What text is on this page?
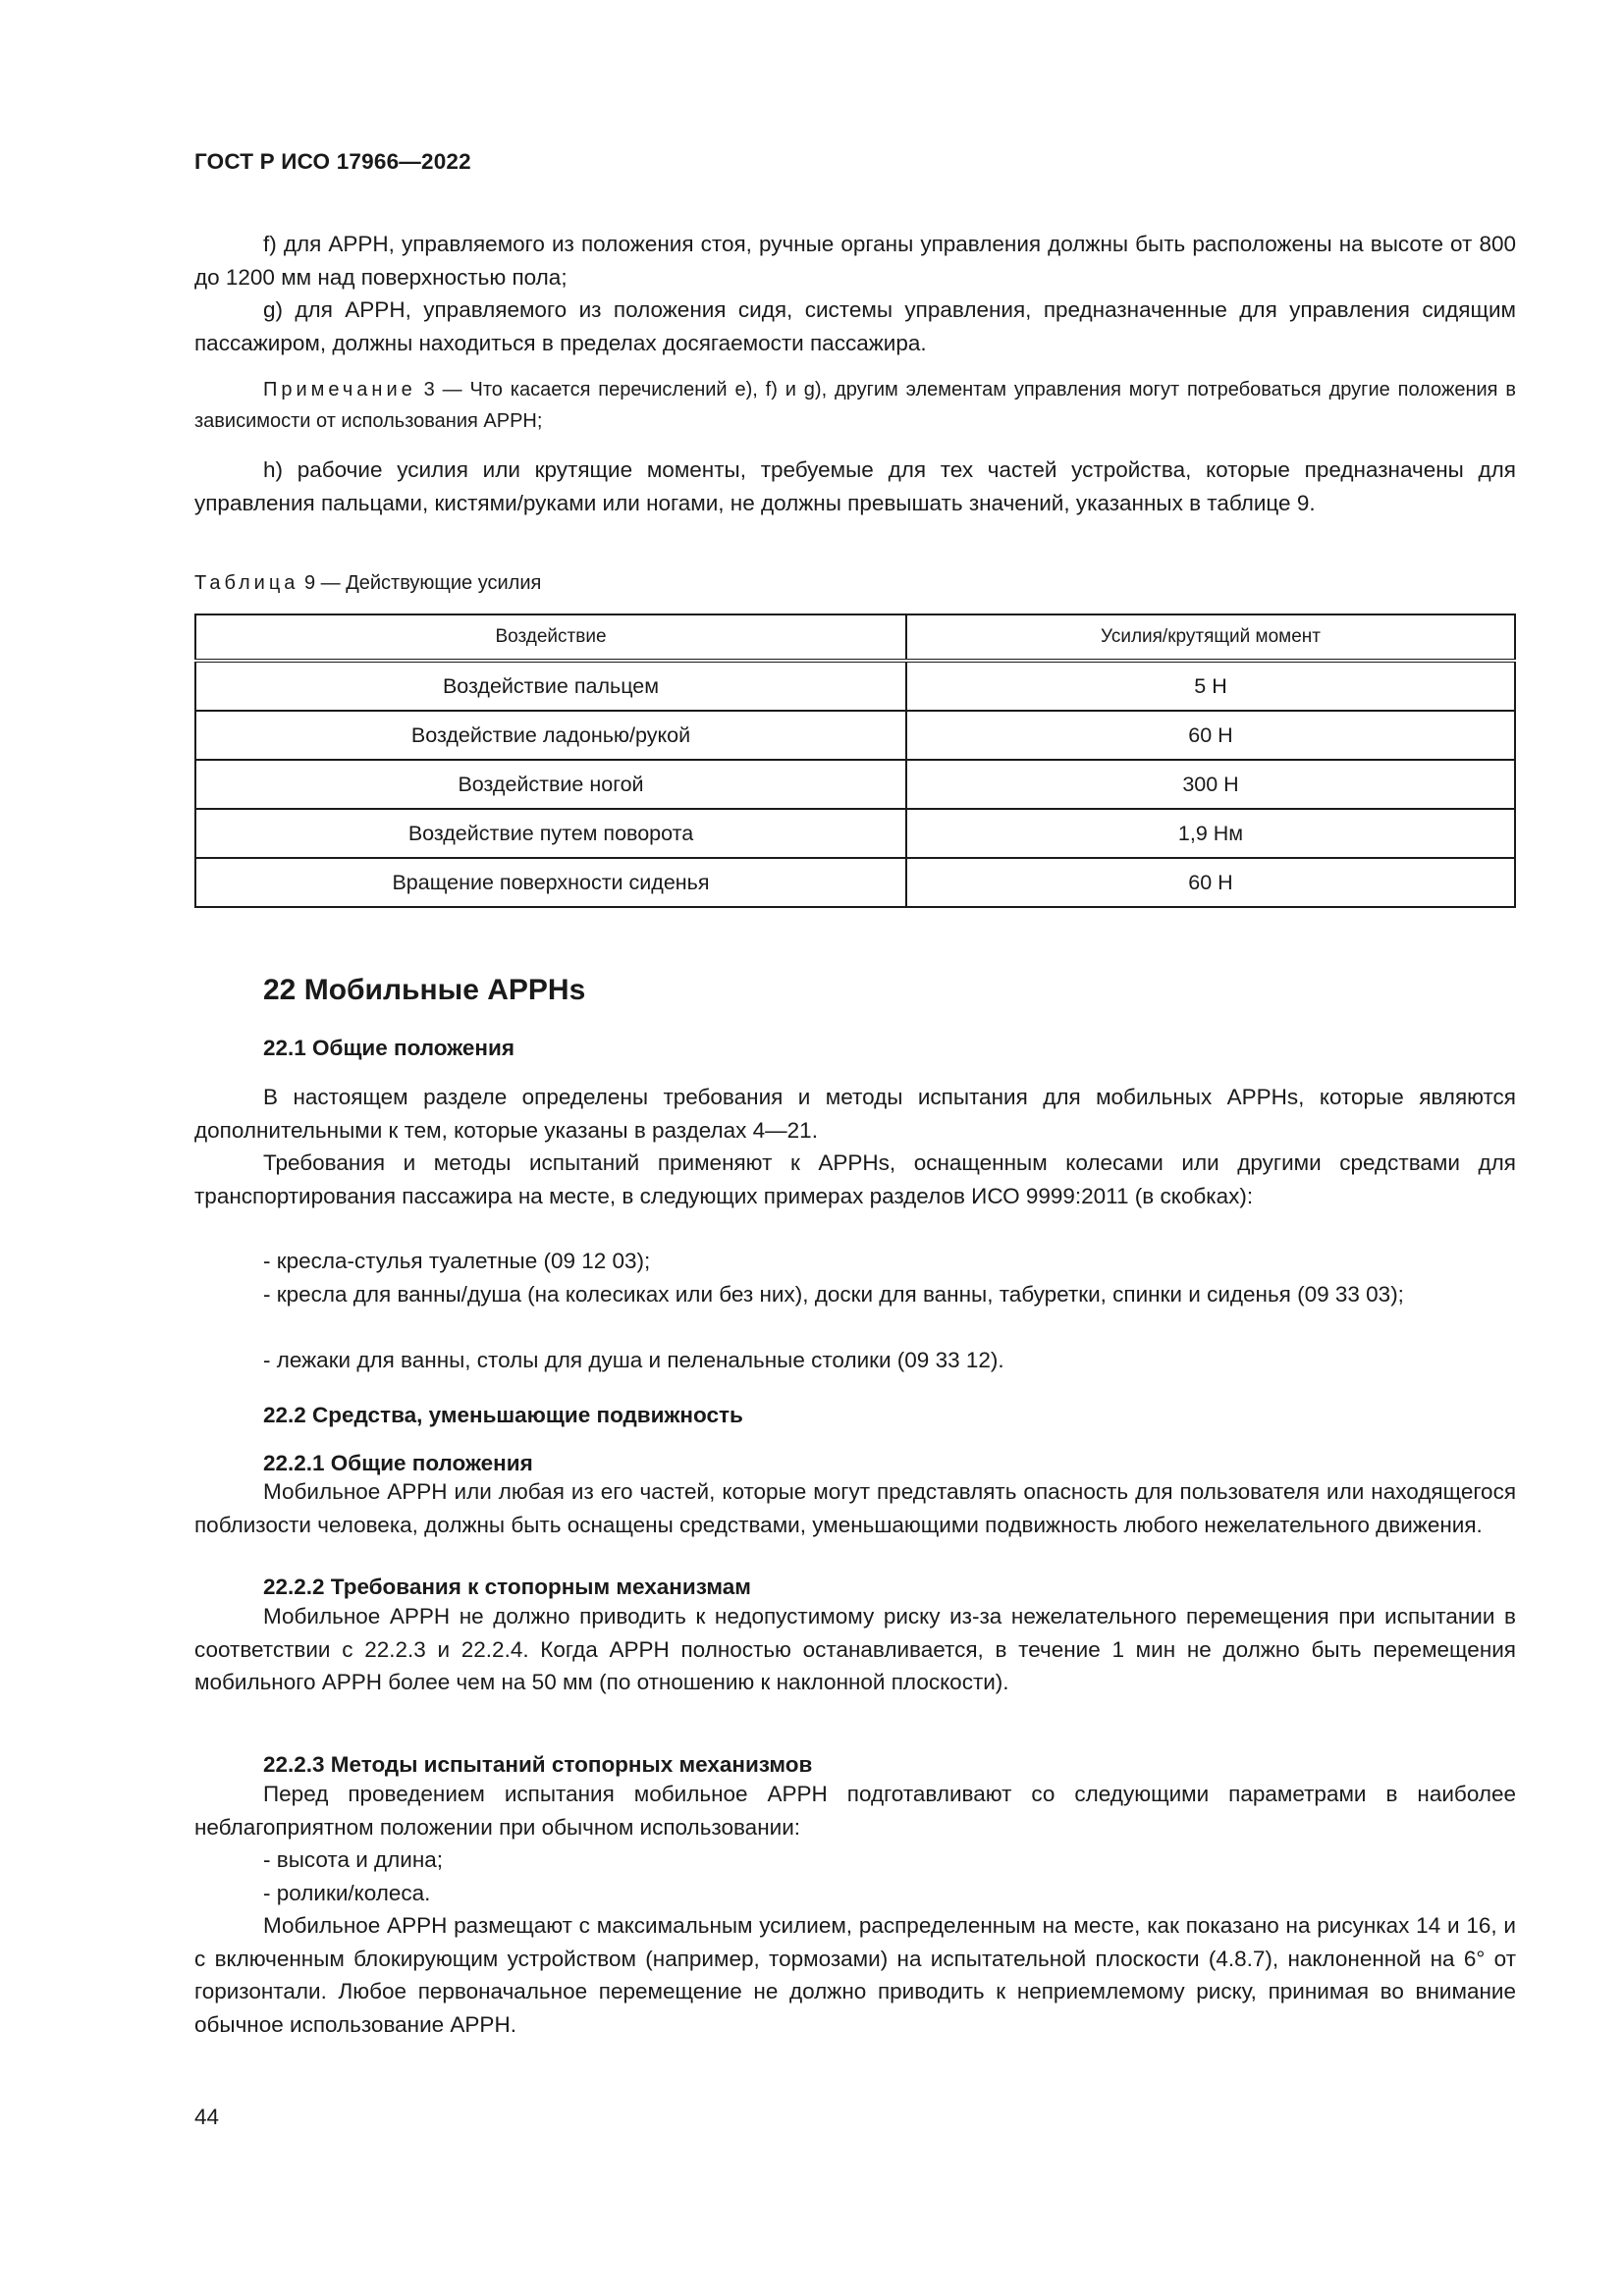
ГОСТ Р ИСО 17966—2022

f) для АРРН, управляемого из положения стоя, ручные органы управления должны быть расположены на высоте от 800 до 1200 мм над поверхностью пола;

g) для АРРН, управляемого из положения сидя, системы управления, предназначенные для управления сидящим пассажиром, должны находиться в пределах досягаемости пассажира.

Примечание 3 — Что касается перечислений е), f) и g), другим элементам управления могут потребоваться другие положения в зависимости от использования АРРН;

h) рабочие усилия или крутящие моменты, требуемые для тех частей устройства, которые предназначены для управления пальцами, кистями/руками или ногами, не должны превышать значений, указанных в таблице 9.

Таблица 9 — Действующие усилия
Воздействие	Усилия/крутящий момент
Воздействие пальцем	5 Н
Воздействие ладонью/рукой	60 Н
Воздействие ногой	300 Н
Воздействие путем поворота	1,9 Нм
Вращение поверхности сиденья	60 Н
22 Мобильные АРРНs
22.1 Общие положения

В настоящем разделе определены требования и методы испытания для мобильных АРРНs, которые являются дополнительными к тем, которые указаны в разделах 4—21.

Требования и методы испытаний применяют к АРРНs, оснащенным колесами или другими средствами для транспортирования пассажира на месте, в следующих примерах разделов ИСО 9999:2011 (в скобках):

- кресла-стулья туалетные (09 12 03);

- кресла для ванны/душа (на колесиках или без них), доски для ванны, табуретки, спинки и сиденья (09 33 03);

- лежаки для ванны, столы для душа и пеленальные столики (09 33 12).

22.2 Средства, уменьшающие подвижность
22.2.1 Общие положения

Мобильное АРРН или любая из его частей, которые могут представлять опасность для пользователя или находящегося поблизости человека, должны быть оснащены средствами, уменьшающими подвижность любого нежелательного движения.

22.2.2 Требования к стопорным механизмам

Мобильное АРРН не должно приводить к недопустимому риску из-за нежелательного перемещения при испытании в соответствии с 22.2.3 и 22.2.4. Когда АРРН полностью останавливается, в течение 1 мин не должно быть перемещения мобильного АРРН более чем на 50 мм (по отношению к наклонной плоскости).

22.2.3 Методы испытаний стопорных механизмов

Перед проведением испытания мобильное АРРН подготавливают со следующими параметрами в наиболее неблагоприятном положении при обычном использовании:

- высота и длина;

- ролики/колеса.

Мобильное АРРН размещают с максимальным усилием, распределенным на месте, как показано на рисунках 14 и 16, и с включенным блокирующим устройством (например, тормозами) на испытательной плоскости (4.8.7), наклоненной на 6° от горизонтали. Любое первоначальное перемещение не должно приводить к неприемлемому риску, принимая во внимание обычное использование АРРН.

44
